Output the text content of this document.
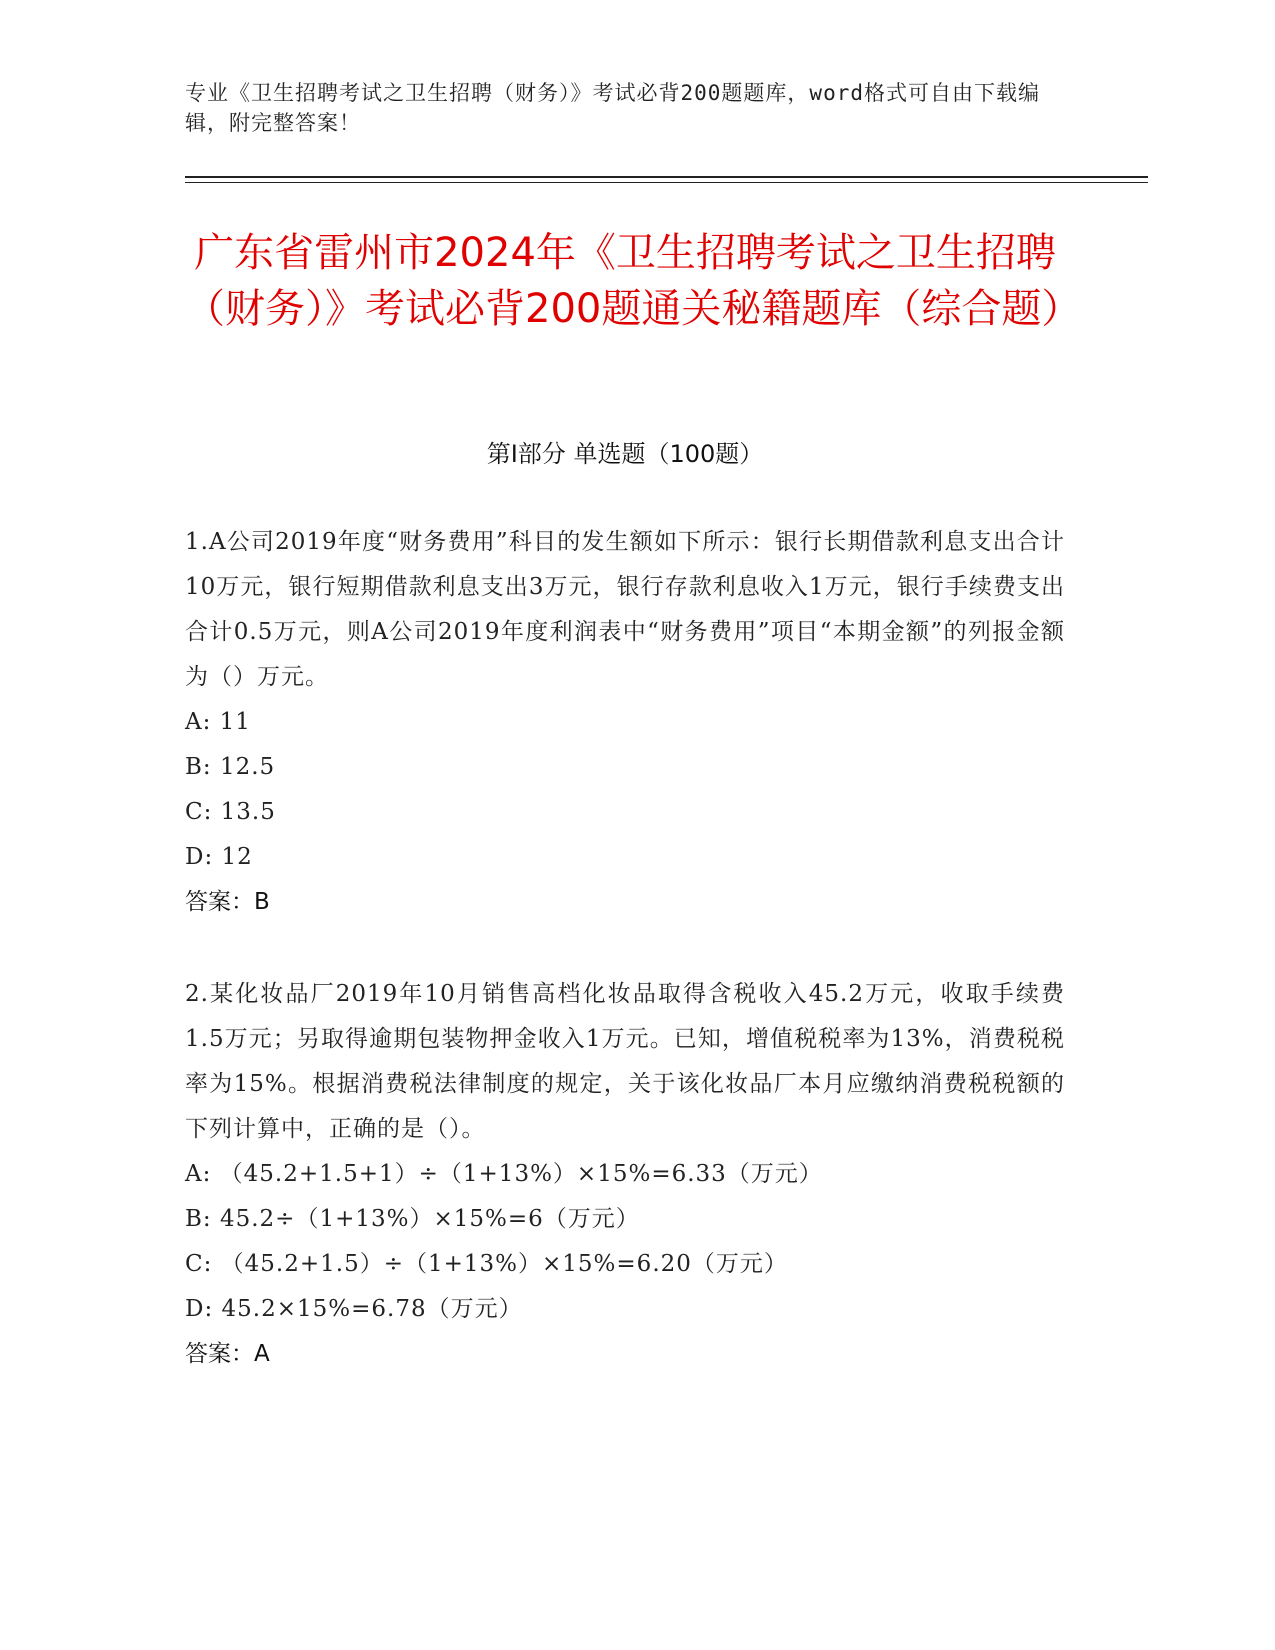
专业《卫生招聘考试之卫生招聘（财务）》考试必背200题题库，word格式可自由下载编辑，附完整答案！
广东省雷州市2024年《卫生招聘考试之卫生招聘（财务）》考试必背200题通关秘籍题库（综合题）
第Ⅰ部分 单选题（100题）
1.A公司2019年度“财务费用”科目的发生额如下所示：银行长期借款利息支出合计10万元，银行短期借款利息支出3万元，银行存款利息收入1万元，银行手续费支出合计0.5万元，则A公司2019年度利润表中“财务费用”项目“本期金额”的列报金额为（）万元。
A: 11
B: 12.5
C: 13.5
D: 12
答案：B
2.某化妆品厂2019年10月销售高档化妆品取得含税收入45.2万元，收取手续费1.5万元；另取得逾期包装物押金收入1万元。已知，增值税税率为13%，消费税税率为15%。根据消费税法律制度的规定，关于该化妆品厂本月应缴纳消费税税额的下列计算中，正确的是（）。
A: （45.2+1.5+1）÷（1+13%）×15%=6.33（万元）
B: 45.2÷（1+13%）×15%=6（万元）
C: （45.2+1.5）÷（1+13%）×15%=6.20（万元）
D: 45.2×15%=6.78（万元）
答案：A
